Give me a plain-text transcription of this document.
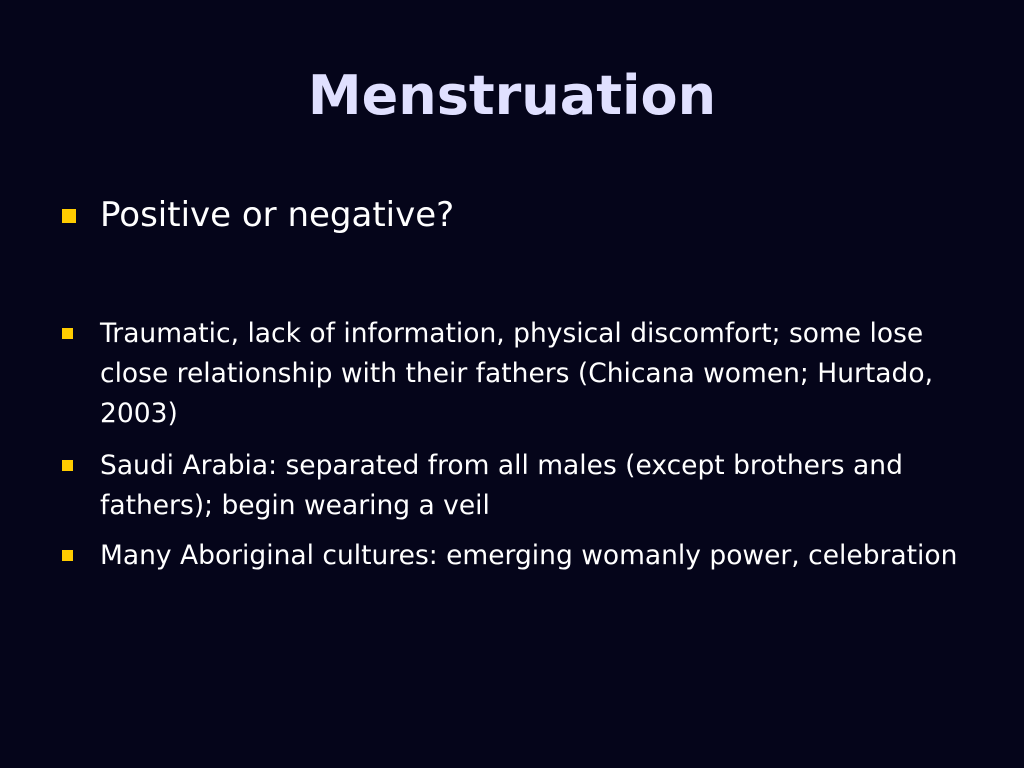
Menstruation
Positive or negative?
Traumatic, lack of information, physical discomfort; some lose close relationship with their fathers (Chicana women; Hurtado, 2003)
Saudi Arabia: separated from all males (except brothers and fathers); begin wearing a veil
Many Aboriginal cultures: emerging womanly power, celebration
